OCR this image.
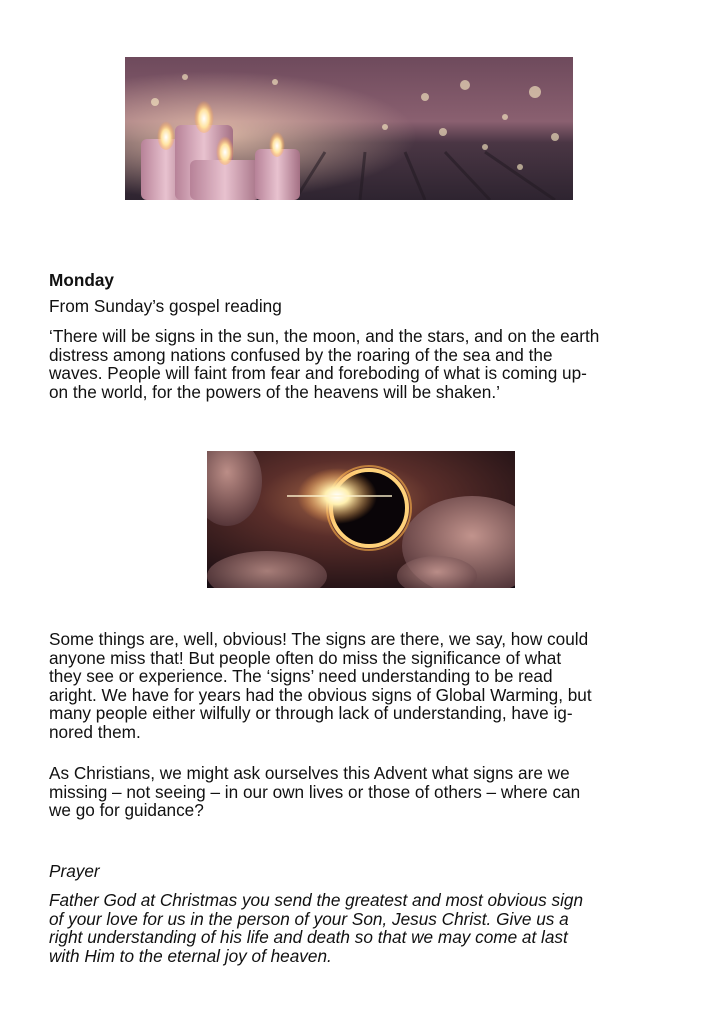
Monday
From Sunday’s gospel reading
‘There will be signs in the sun, the moon, and the stars, and on the earth
distress among nations confused by the roaring of the sea and the
waves. People will faint from fear and foreboding of what is coming up-
on the world, for the powers of the heavens will be shaken.’
Some things are, well, obvious! The signs are there, we say, how could
anyone miss that! But people often do miss the significance of what
they see or experience. The ‘signs’ need understanding to be read
aright. We have for years had the obvious signs of Global Warming, but
many people either wilfully or through lack of understanding, have ig-
nored them.
As Christians, we might ask ourselves this Advent what signs are we
missing – not seeing – in our own lives or those of others – where can
we go for guidance?
Prayer
Father God at Christmas you send the greatest and most obvious sign
of your love for us in the person of your Son, Jesus Christ. Give us a
right understanding of his life and death so that we may come at last
with Him to the eternal joy of heaven.
